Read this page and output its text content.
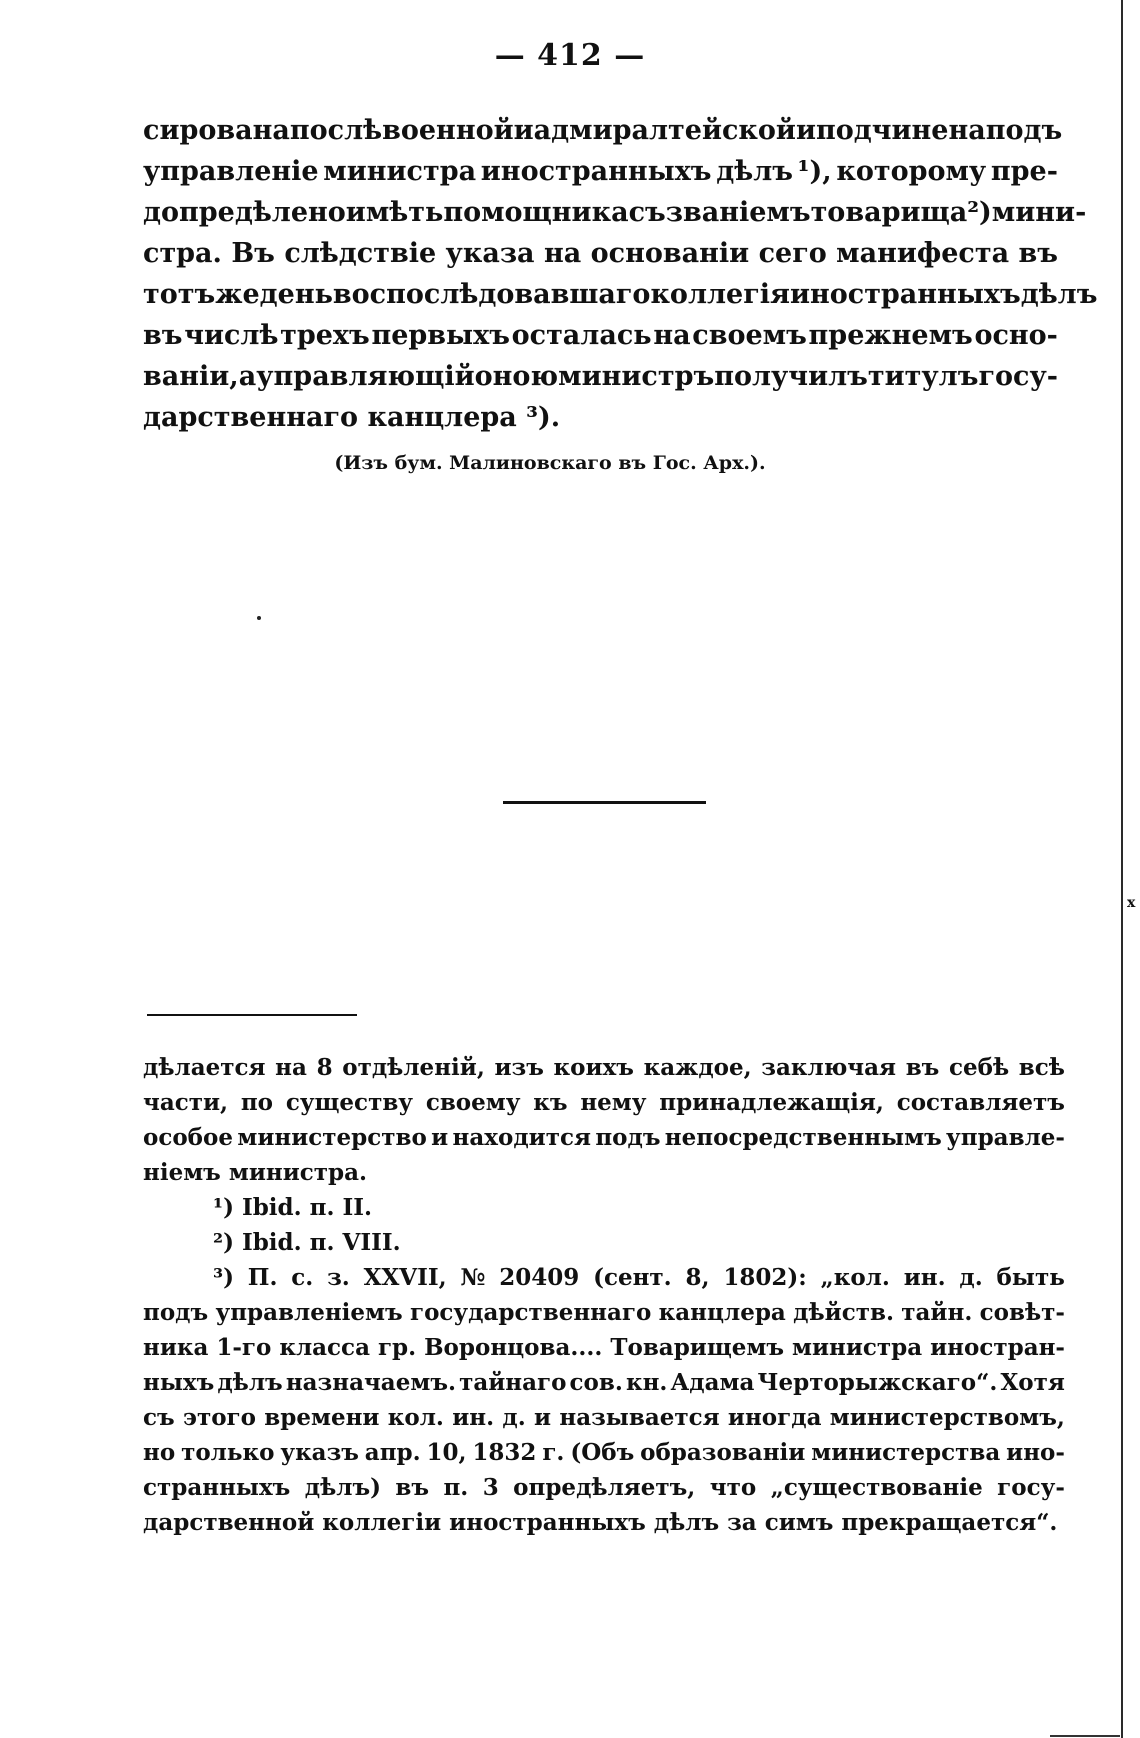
x
— 412 —
сирована послѣ военной и адмиралтейской и подчинена подъ
управленіе министра иностранныхъ дѣлъ ¹), которому пре-
допредѣлено имѣть помощника съ званіемъ товарища ²) мини-
стра. Въ слѣдствіе указа на основаніи сего манифеста въ
тотъ же день воспослѣдовавшаго коллегія иностранныхъ дѣлъ
въ числѣ трехъ первыхъ осталась на своемъ прежнемъ осно-
ваніи, а управляющій оною министръ получилъ титулъ госу-
дарственнаго канцлера ³).
(Изъ бум. Малиновскаго въ Гос. Арх.).
дѣлается на 8 отдѣленій, изъ коихъ каждое, заключая въ себѣ всѣ
части, по существу своему къ нему принадлежащія, составляетъ
особое министерство и находится подъ непосредственнымъ управле-
ніемъ министра.
¹) Ibid. п. II.
²) Ibid. п. VIII.
³) П. с. з. XXVII, № 20409 (сент. 8, 1802): „кол. ин. д. быть
подъ управленіемъ государственнаго канцлера дѣйств. тайн. совѣт-
ника 1-го класса гр. Воронцова.... Товарищемъ министра иностран-
ныхъ дѣлъ назначаемъ. тайнаго сов. кн. Адама Черторыжскаго“. Хотя
съ этого времени кол. ин. д. и называется иногда министерствомъ,
но только указъ апр. 10, 1832 г. (Объ образованіи министерства ино-
странныхъ дѣлъ) въ п. 3 опредѣляетъ, что „существованіе госу-
дарственной коллегіи иностранныхъ дѣлъ за симъ прекращается“.
